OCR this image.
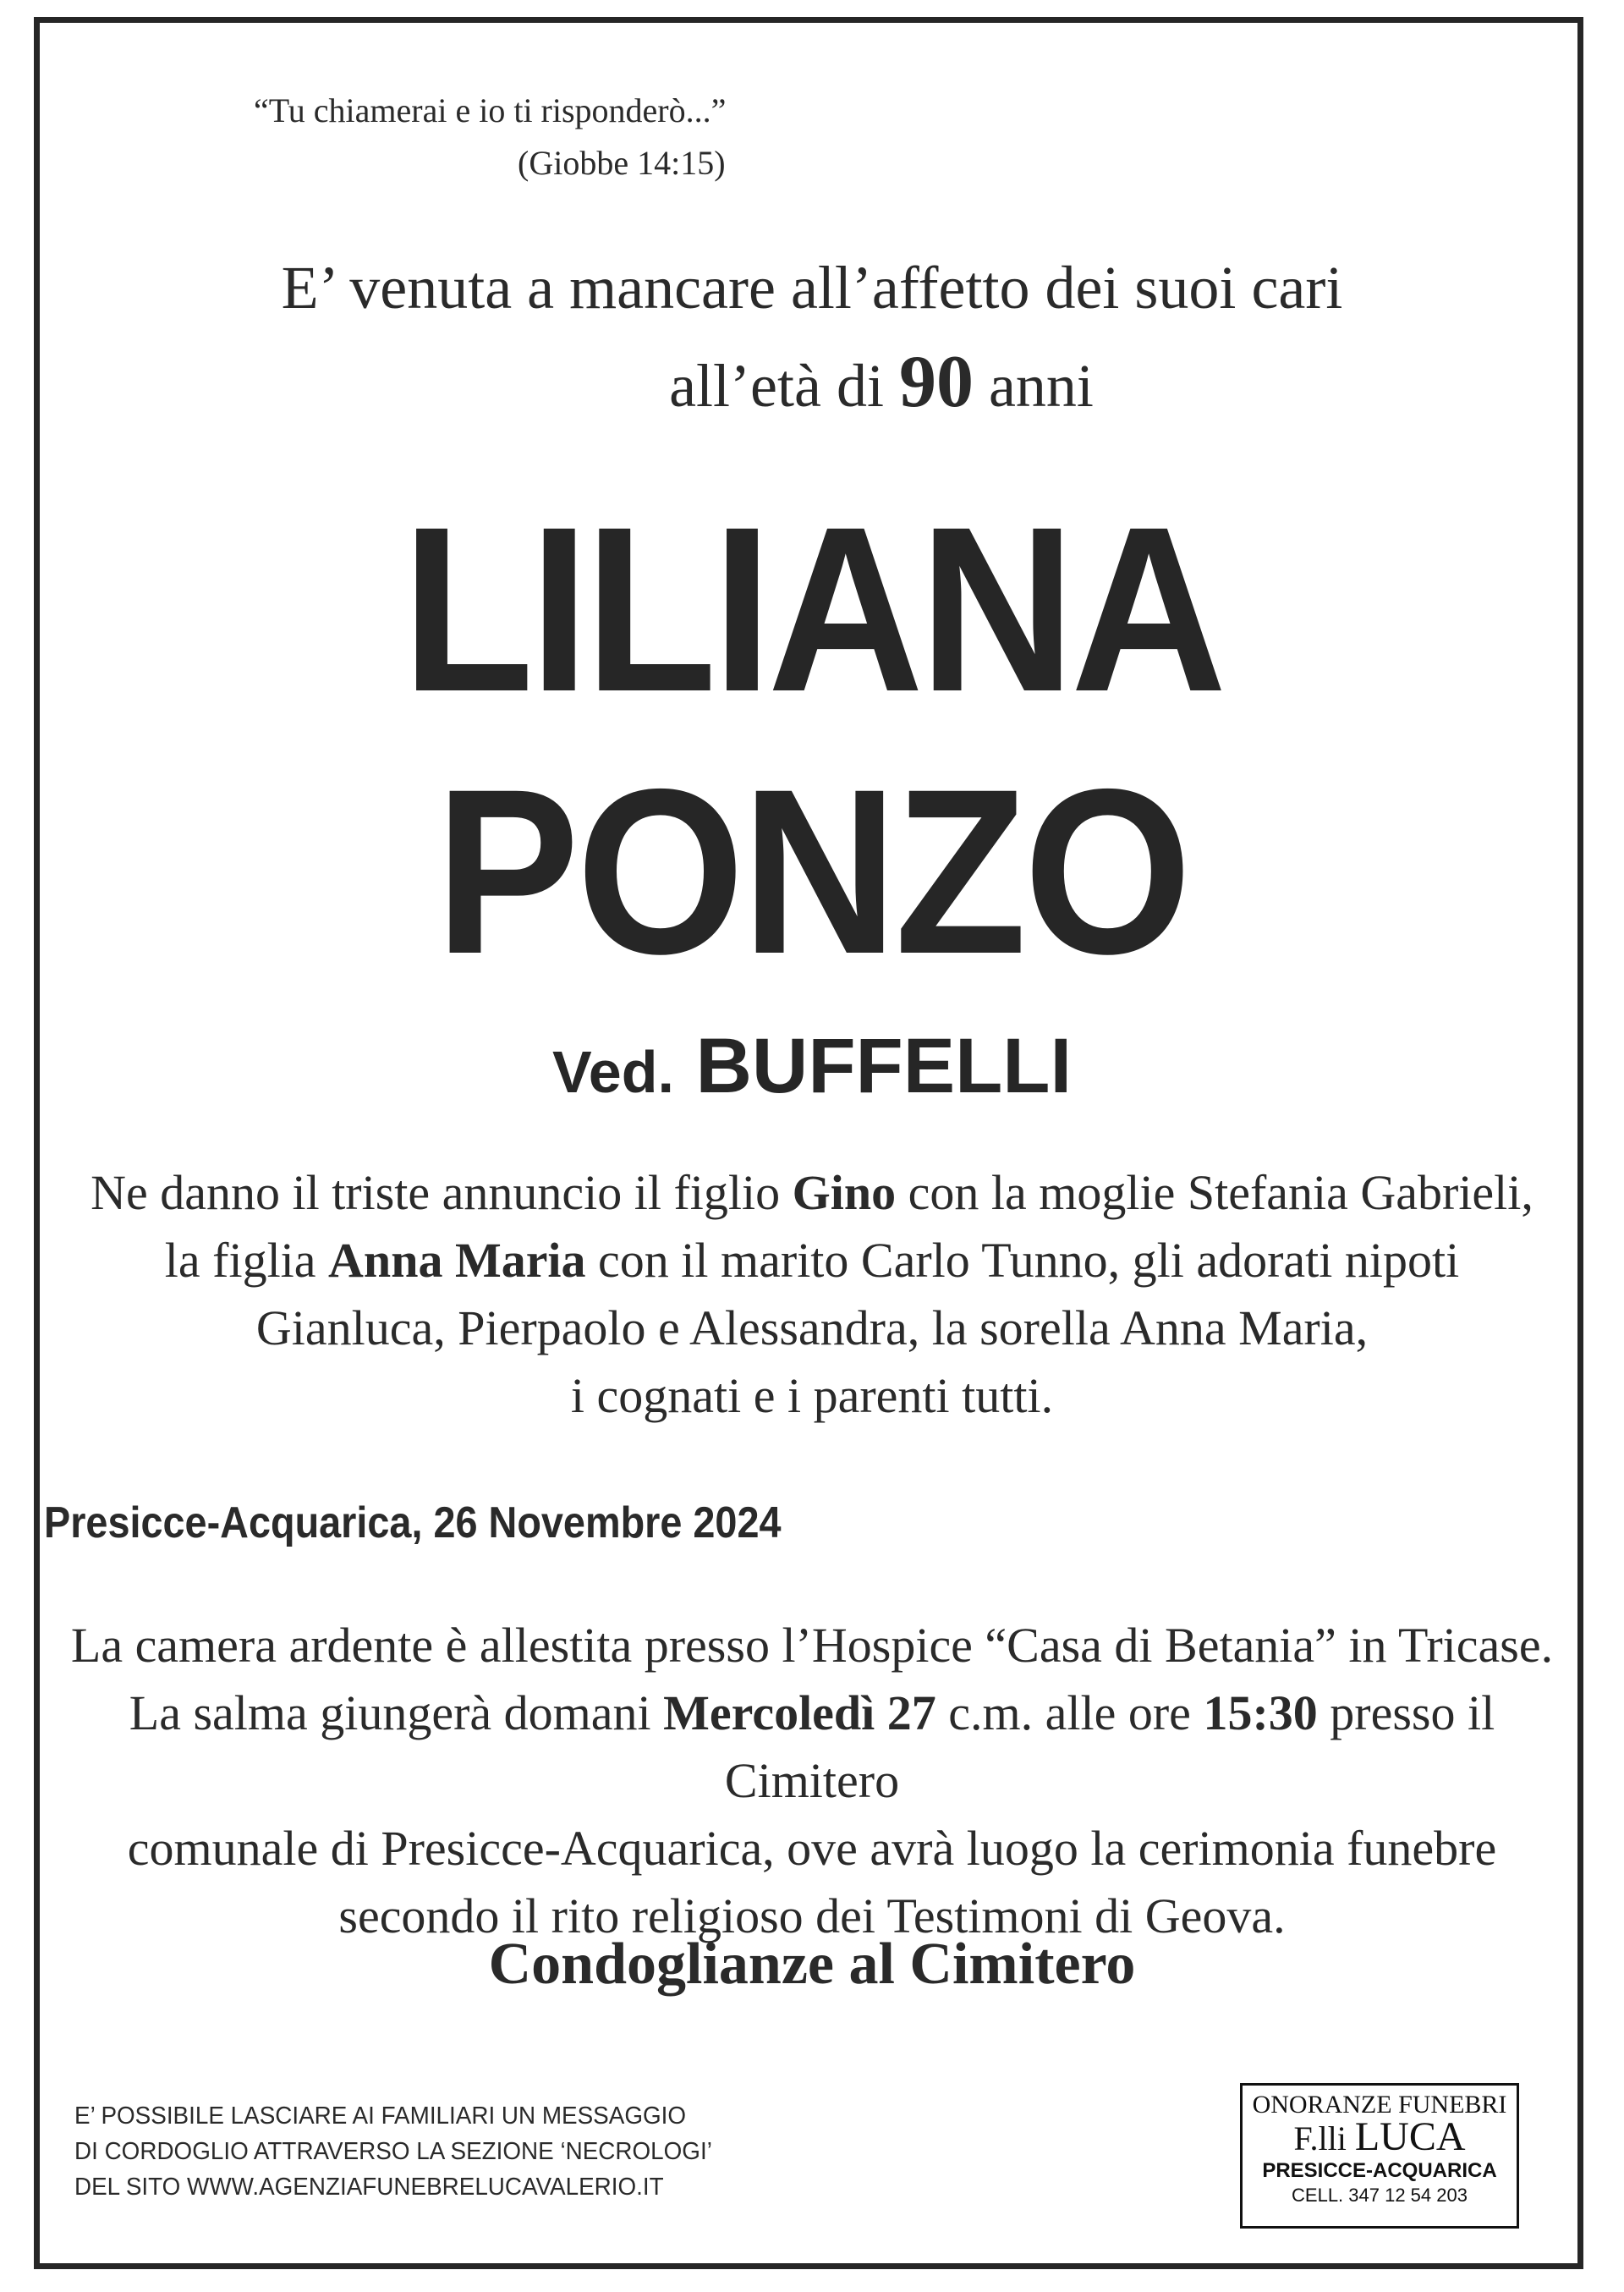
“Tu chiamerai e io ti risponderò...”
(Giobbe 14:15)
E’ venuta a mancare all’affetto dei suoi cari
all’età di 90 anni
LILIANA
PONZO
Ved. BUFFELLI
Ne danno il triste annuncio il figlio Gino con la moglie Stefania Gabrieli,
la figlia Anna Maria con il marito Carlo Tunno, gli adorati nipoti
Gianluca, Pierpaolo e Alessandra, la sorella Anna Maria,
i cognati e i parenti tutti.
Presicce-Acquarica, 26 Novembre 2024
La camera ardente è allestita presso l’Hospice “Casa di Betania” in Tricase.
La salma giungerà domani Mercoledì 27 c.m. alle ore 15:30 presso il Cimitero
comunale di Presicce-Acquarica, ove avrà luogo la cerimonia funebre
secondo il rito religioso dei Testimoni di Geova.
Condoglianze al Cimitero
E’ POSSIBILE LASCIARE AI FAMILIARI UN MESSAGGIO
DI CORDOGLIO ATTRAVERSO LA SEZIONE ‘NECROLOGI’
DEL SITO WWW.AGENZIAFUNEBRELUCAVALERIO.IT
ONORANZE FUNEBRI
F.lli LUCA
PRESICCE-ACQUARICA
CELL. 347 12 54 203
